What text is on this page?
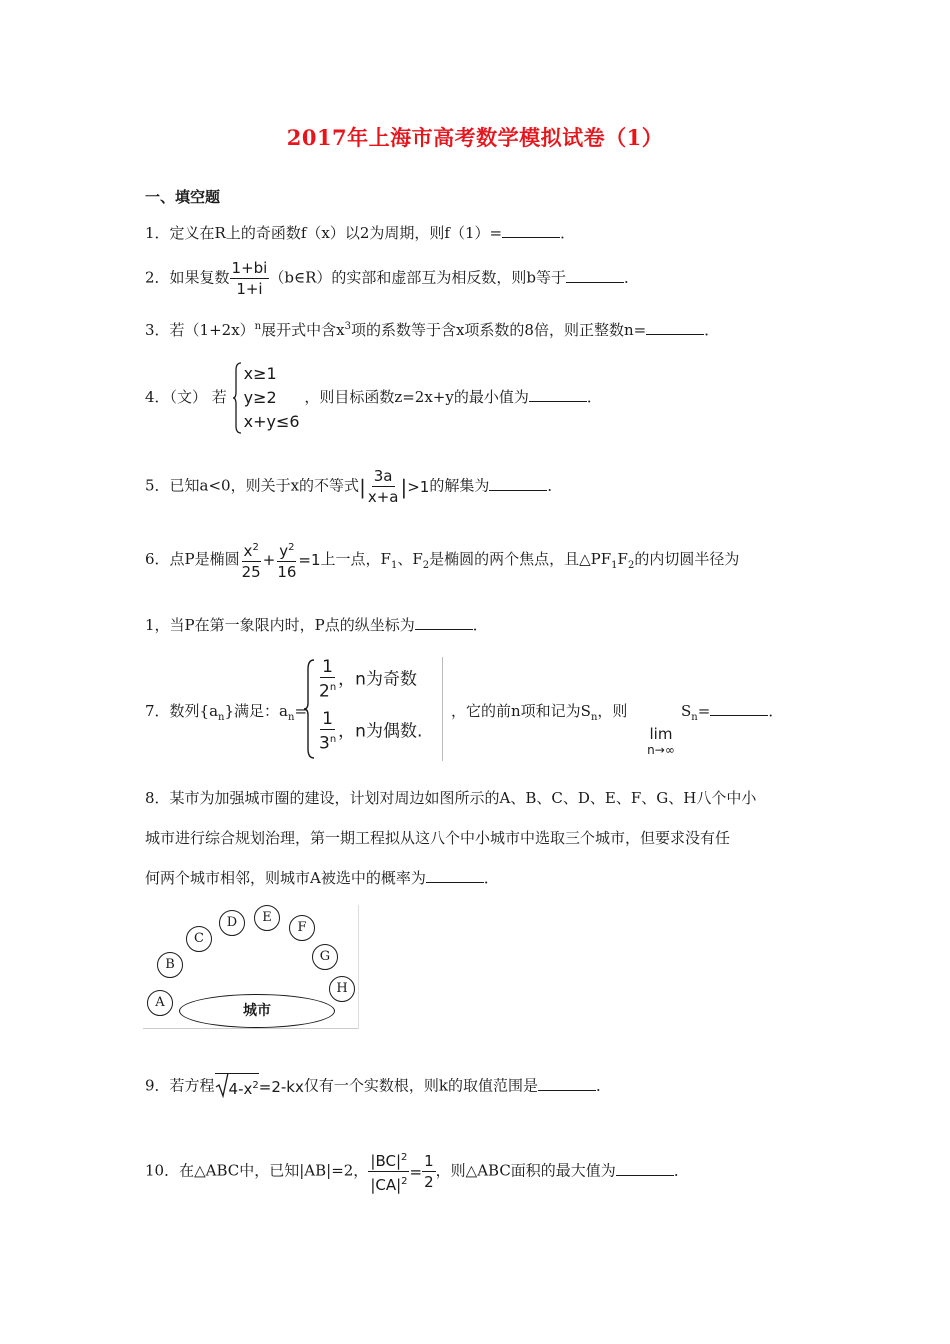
2017年上海市高考数学模拟试卷（1）
一、填空题
1．定义在R上的奇函数f（x）以2为周期，则f（1）=	．
2．如果复数 $\frac{1+bi}{1+i}$ （b∈R）的实部和虚部互为相反数，则b等于	．
3．若$(1+2x)^n$展开式中含$x^3$项的系数等于含x项系数的8倍，则正整数n=	．
4．（文） 若
x≥1
y≥2
x+y≤6
，则目标函数z=2x+y的最小值为	．
5．已知a<0，则关于x的不等式| $\frac{3a}{x+a} |>1$的解集为	．
6．点P是椭圆 $\frac{x^2}{25} + \frac{y^2}{16} =1$上一点，$F_1$、$F_2$是椭圆的两个焦点，且$\triangle PF_1F_2$的内切圆半径为
1，当P在第一象限内时，P点的纵坐标为	．
7．数列$\{a_n\}$满足：$a_n=$
$\frac{1}{2^n}$ ，n为奇数
$\frac{1}{3^n}$ ，n为偶数.
，它的前n项和记为$S_n$，则	$S_n=$	．
lim
n→∞
8．某市为加强城市圈的建设，计划对周边如图所示的A、B、C、D、E、F、G、H八个中小
城市进行综合规划治理，第一期工程拟从这八个中小城市中选取三个城市，但要求没有任
何两个城市相邻，则城市A被选中的概率为	．
A
B
C
D	E
F
G
H
城市
9．若方程 $4-x^2=2-kx$仅有一个实数根，则k的取值范围是	．
10．在△ABC中，已知|AB|=2， $\frac{|BC|^2}{|CA|^2} = \frac{1}{2}$ ，则△ABC面积的最大值为	．
